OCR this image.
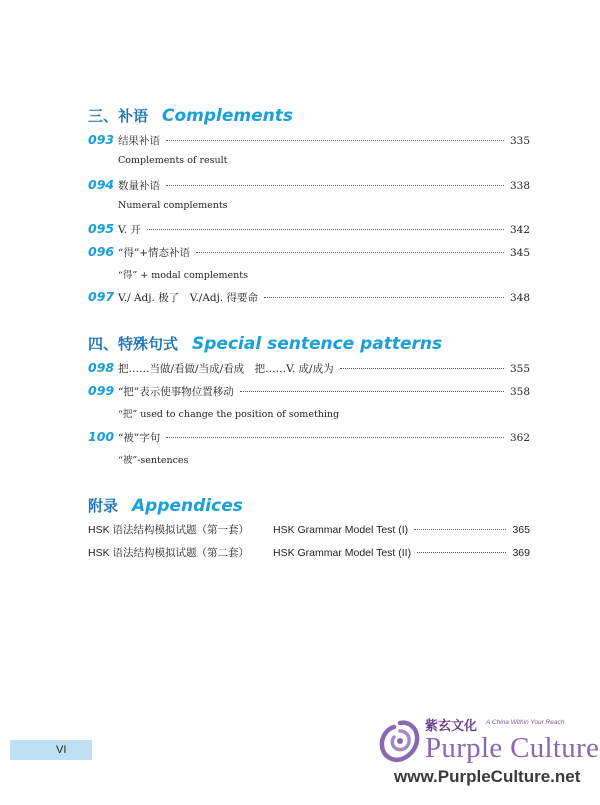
三、补语 Complements
093 结果补语	335
Complements of result
094 数量补语	338
Numeral complements
095 V. 开	342
096 “得”+情态补语	345
“得” + modal complements
097 V./ Adj. 极了　V./Adj. 得要命	348
四、特殊句式 Special sentence patterns
098 把……当做/看做/当成/看成　把……V. 成/成为	355
099 “把”表示使事物位置移动	358
“把” used to change the position of something
100 “被”字句	362
“被”-sentences
附录 Appendices
HSK 语法结构模拟试题（第一套）	HSK Grammar Model Test (I)	365
HSK 语法结构模拟试题（第二套）	HSK Grammar Model Test (II)	369
VI
紫玄文化 A China Within Your Reach
Purple Culture
www.PurpleCulture.net
